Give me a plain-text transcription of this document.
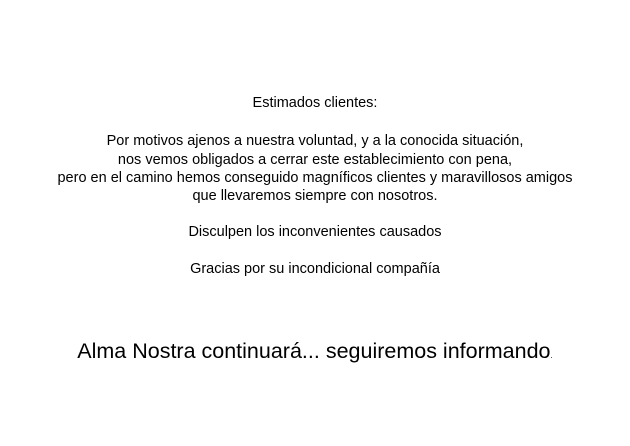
Estimados clientes:
Por motivos ajenos a nuestra voluntad, y a la conocida situación,
nos vemos obligados a cerrar este establecimiento con pena,
pero en el camino hemos conseguido magníficos clientes y maravillosos amigos
que llevaremos siempre con nosotros.
Disculpen los inconvenientes causados
Gracias por su incondicional compañía
Alma Nostra continuará... seguiremos informando.
